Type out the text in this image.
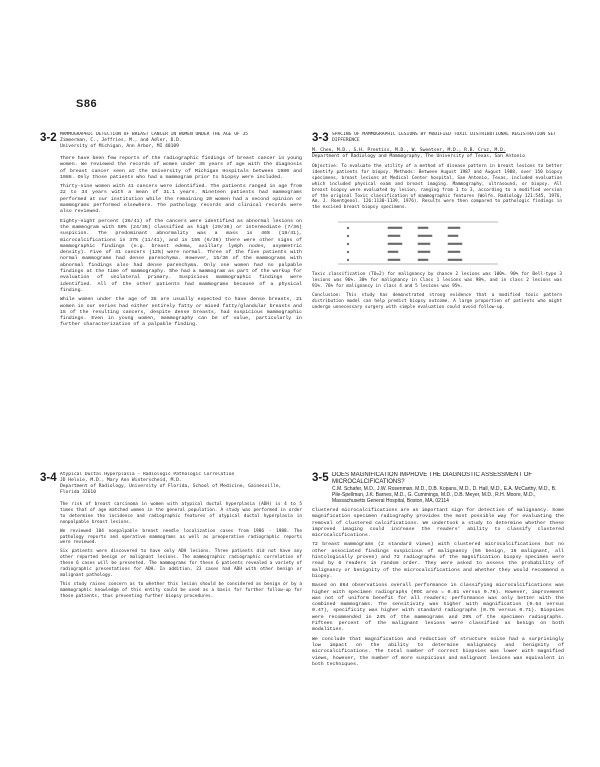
S86
3-2 MAMMOGRAPHIC DETECTION OF BREAST CANCER IN WOMEN UNDER THE AGE OF 35
Zimmerman, C., Jeffries, M., and Adler, D.D.
University of Michigan, Ann Arbor, MI 48109

There have been few reports of the radiographic findings of breast cancer in young women. We reviewed the records of women under 35 years of age with the diagnosis of breast cancer seen at the University of Michigan Hospitals between 1980 and 1988. Only those patients who had a mammogram prior to biopsy were included.

Thirty-nine women with 41 cancers were identified. The patients ranged in age from 22 to 34 years with a mean of 31.1 years. Nineteen patients had mammograms performed at our institution while the remaining 20 women had a second opinion or mammograms performed elsewhere. The pathology records and clinical records were also reviewed.

Eighty-eight percent (36/41) of the cancers were identified as abnormal lesions on the mammogram with 59% (24/36) classified as high (29/36) or intermediate (7/36) suspicion. The predominant abnormality was a mass in 46% (19/41), microcalcifications in 37% (11/41), and in 15% (6/36) there were other signs of mammographic findings (e.g. breast edema, axillary lymph nodes, asymmetric density). Five of 41 cancers (12%) were normal. Three of the five patients with normal mammograms had dense parenchyma. However, 15/36 of the mammograms with abnormal findings also had dense parenchyma. Only one women had no palpable findings at the time of mammography. She had a mammogram as part of the workup for evaluation of unilateral primary. Suspicious mammographic findings were identified. All of the other patients had mammograms because of a physical finding.

While women under the age of 35 are usually expected to have dense breasts, 21 women in our series had either entirely fatty or mixed fatty/glandular breasts and 15 of the resulting cancers, despite dense breasts, had suspicious mammographic findings. Even in young women, mammography can be of value, particularly in further characterization of a palpable finding.

3-3 SPACING OF MAMMOGRAPHIC LESIONS BY MODIFIED TOXIC DISTRIBUTIONAL REGISTRATION SET DIFFERENCE
M. Chen, M.D., S.H. Prentiss, M.D., W. Sweetser, M.D., R.B. Cruz, M.D.
Department of Radiology and Mammography, The University of Texas, San Antonio

Objective: To evaluate the utility of a method of disease pattern in breast lesions to better identify patients for biopsy. Methods: Between August 1987 and August 1988, over 150 biopsy specimens, breast lesions at Medical Center hospital, San Antonio, Texas, included evaluation which included physical exam and breast imaging. Mammography, ultrasound, or biopsy. All breast biopsy were evaluated by lesion, ranging from 1 to 3, according to a modified version of the original Toxic classification of mammographic features (Wolfe, Radiology 121:545, 1976, Am. J. Roentgenol. 126:1130-1139, 1976). Results were then compared to pathologic findings in the excised breast biopsy specimens.

Toxic classification (TO=2) for malignancy by chance 2 lesions was 100%. 90% for Bell-type 3 lesions was 96%. 30% for malignancy in Class 1 lesions was 98%, and in class 2 lesions was 91%. 76% for malignancy in class 4 and 5 lesions was 95%.

Conclusion: This study has demonstrated strong evidence that a modified toxic pattern distribution model can help predict biopsy outcome. A large proportion of patients who might undergo unnecessary surgery with simple evaluation could avoid follow-up.

3-4 Atypical Ductal Hyperplasia - Radiologic Pathologic Correlation
JD Helvie, M.D., Mary Ann Winterscheid, M.D.
Department of Radiology, University of Florida, School of Medicine, Gainesville, Florida 32610

The risk of breast carcinoma in women with atypical ductal hyperplasia (ADH) is 4 to 5 times that of age matched women in the general population. A study was performed in order to determine the incidence and radiographic features of atypical ductal hyperplasia in nonpalpable breast lesions.

We reviewed 104 nonpalpable breast needle localization cases from 1986 - 1988. The pathology reports and operative mammograms as well as preoperative radiographic reports were reviewed.

Six patients were discovered to have only ADH lesions. Three patients did not have any other reported benign or malignant lesions. The mammographic radiographic correlation of these 6 cases will be presented. The mammograms for these 6 patients revealed a variety of radiographic presentations for ADH. In addition, 23 cases had ADH with other benign or malignant pathology.

This study raises concern as to whether this lesion should be considered as benign or by a mammographic knowledge of this entity could be used as a basis for further follow-up for those patients, thus preventing further biopsy procedures.

3-5 DOES MAGNIFICATION IMPROVE THE DIAGNOSTIC ASSESSMENT OF MICROCALCIFICATIONS?
C.M. Schafer, M.D., J.W. Rosenman, M.D., D.B. Kopans, M.D., D. Hall, M.D., E.A. McCarthy, M.D., B. Pile-Spellman, J.K. Barnes, M.D., G. Cummings, M.D., D.B. Meyer, M.D., R.H. Moore, M.D., Massachusetts General Hospital, Boston, MA, 02114

Clustered microcalcifications are an important sign for detection of malignancy. Some magnification specimen radiography provides the most possible way for evaluating the removal of clustered calcifications. We undertook a study to determine whether these improved imaging could increase the readers' ability to classify clustered microcalcifications.

72 breast mammograms (2 standard views) with clustered microcalcifications but no other associated findings suspicious of malignancy (56 benign, 16 malignant, all histologically proven) and 72 radiographs of the magnification biopsy specimen were read by 6 readers in random order. They were asked to assess the probability of malignancy or benignity of the microcalcifications and whether they would recommend a biopsy.

Based on 864 observations overall performance in classifying microcalcifications was higher with specimen radiographs (ROC area = 0.81 versus 0.76). However, improvement was not of uniform benefit for all readers; performance was only better with the combined mammograms. The sensitivity was higher with magnification (0.64 versus 0.47), specificity was higher with standard radiographs (0.76 versus 0.71). Biopsies were recommended in 24% of the mammograms and 29% of the specimen radiographs. Fifteen percent of the malignant lesions were classified as benign on both modalities.

We conclude that magnification and reduction of structure noise had a surprisingly low impact on the ability to determine malignancy and benignity of microcalcifications. The total number of correct biopsies was lower with magnified views, however, the number of more suspicious and malignant lesions was equivalent in both techniques.
